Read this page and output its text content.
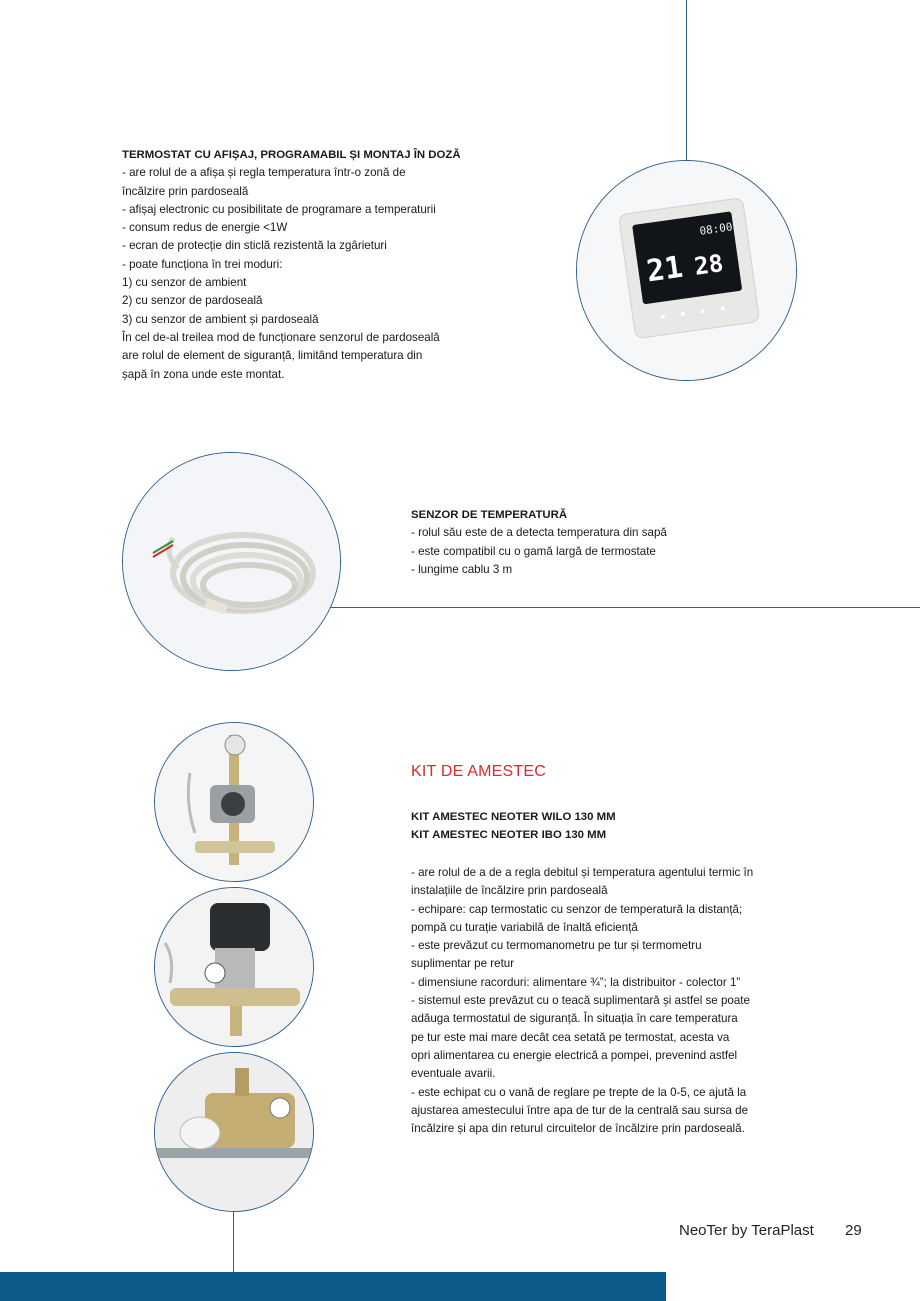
TERMOSTAT CU AFIȘAJ, PROGRAMABIL ȘI MONTAJ ÎN DOZĂ

- are rolul de a afișa și regla temperatura într-o zonă de

încălzire prin pardoseală

- afișaj electronic cu posibilitate de programare a temperaturii

- consum redus de energie <1W

- ecran de protecție din sticlă rezistentă la zgârieturi

- poate funcționa în trei moduri:

1) cu senzor de ambient

2) cu senzor de pardoseală

3) cu senzor de ambient și pardoseală

În cel de-al treilea mod de funcționare senzorul de pardoseală

are rolul de element de siguranță, limitând temperatura din

șapă în zona unde este montat.

08:00
21 28
SENZOR DE TEMPERATURĂ

- rolul său este de a detecta temperatura din sapă

- este compatibil cu o gamă largă de termostate

- lungime cablu 3 m

KIT DE AMESTEC
KIT AMESTEC NEOTER WILO 130 MM
KIT AMESTEC NEOTER IBO 130 MM

- are rolul de a de a regla debitul și temperatura agentului termic în

instalațiile de încălzire prin pardoseală

- echipare: cap termostatic cu senzor de temperatură la distanță;

pompă cu turație variabilă de înaltă eficiență

- este prevăzut cu termomanometru pe tur și termometru

suplimentar pe retur

- dimensiune racorduri: alimentare ¾”; la distribuitor - colector 1”

- sistemul este prevăzut cu o teacă suplimentară și astfel se poate

adăuga termostatul de siguranță. În situația în care temperatura

pe tur este mai mare decât cea setată pe termostat, acesta va

opri alimentarea cu energie electrică a pompei, prevenind astfel

eventuale avarii.

- este echipat cu o vană de reglare pe trepte de la 0-5, ce ajută la

ajustarea amestecului între apa de tur de la centrală sau sursa de

încălzire și apa din returul circuitelor de încălzire prin pardoseală.

NeoTer by TeraPlast 29
